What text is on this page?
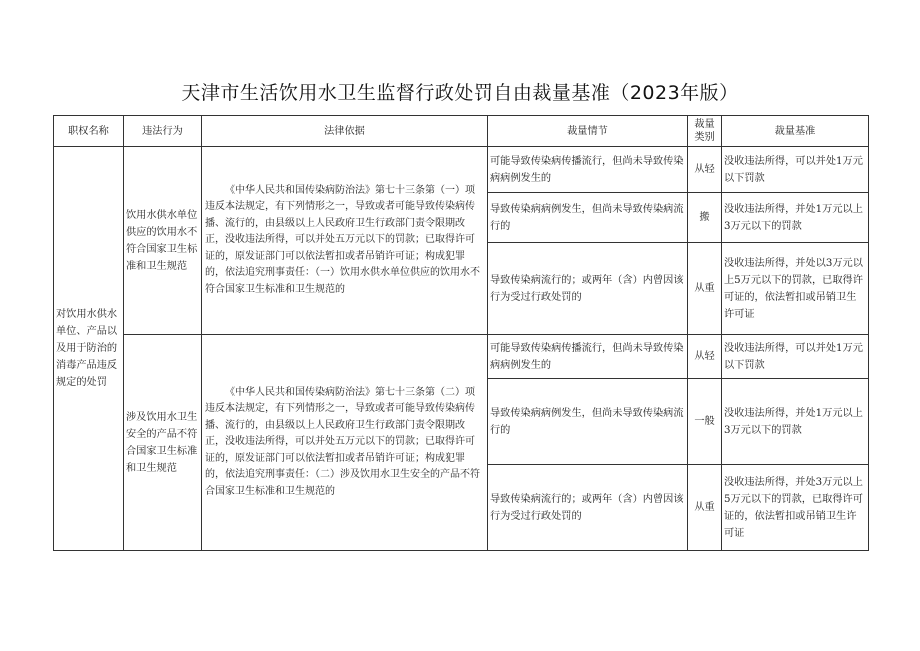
天津市生活饮用水卫生监督行政处罚自由裁量基准（2023年版）
职权名称	违法行为	法律依据	裁量情节	裁量类别	裁量基准
对饮用水供水单位、产品以及用于防治的消毒产品违反规定的处罚	饮用水供水单位供应的饮用水不符合国家卫生标准和卫生规范	《中华人民共和国传染病防治法》第七十三条第（一）项违反本法规定，有下列情形之一，导致或者可能导致传染病传播、流行的，由县级以上人民政府卫生行政部门责令限期改正，没收违法所得，可以并处五万元以下的罚款；已取得许可证的，原发证部门可以依法暂扣或者吊销许可证；构成犯罪的，依法追究刑事责任：（一）饮用水供水单位供应的饮用水不符合国家卫生标准和卫生规范的	可能导致传染病传播流行，但尚未导致传染病病例发生的	从轻	没收违法所得，可以并处1万元以下罚款
			导致传染病病例发生，但尚未导致传染病流行的	搬	没收违法所得，并处1万元以上3万元以下的罚款
			导致传染病流行的；或两年（含）内曾因该行为受过行政处罚的	从重	没收违法所得，并处以3万元以上5万元以下的罚款，已取得许可证的，依法暂扣或吊销卫生许可证
	涉及饮用水卫生安全的产品不符合国家卫生标准和卫生规范	《中华人民共和国传染病防治法》第七十三条第（二）项违反本法规定，有下列情形之一，导致或者可能导致传染病传播、流行的，由县级以上人民政府卫生行政部门责令限期改正，没收违法所得，可以并处五万元以下的罚款；已取得许可证的，原发证部门可以依法暂扣或者吊销许可证；构成犯罪的，依法追究刑事责任：（二）涉及饮用水卫生安全的产品不符合国家卫生标准和卫生规范的	可能导致传染病传播流行，但尚未导致传染病病例发生的	从轻	没收违法所得，可以并处1万元以下罚款
			导致传染病病例发生，但尚未导致传染病流行的	一般	没收违法所得，并处1万元以上3万元以下的罚款
			导致传染病流行的；或两年（含）内曾因该行为受过行政处罚的	从重	没收违法所得，并处3万元以上5万元以下的罚款，已取得许可证的，依法暂扣或吊销卫生许可证
